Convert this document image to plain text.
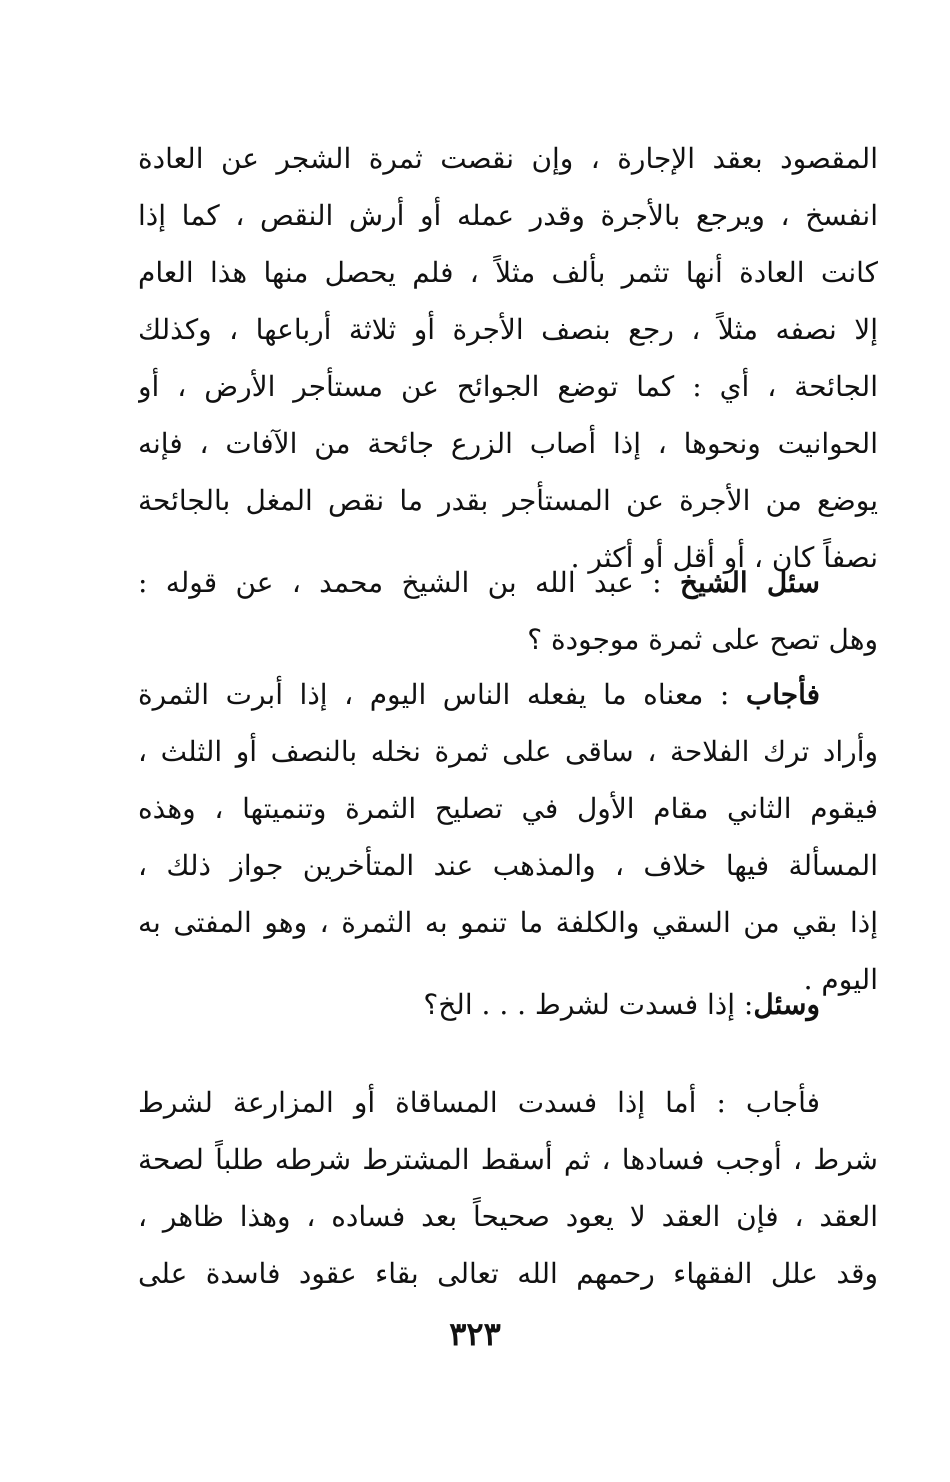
المقصود بعقد الإجارة ، وإن نقصت ثمرة الشجر عن العادة
انفسخ ، ويرجع بالأجرة وقدر عمله أو أرش النقص ، كما إذا
كانت العادة أنها تثمر بألف مثلاً ، فلم يحصل منها هذا العام
إلا نصفه مثلاً ، رجع بنصف الأجرة أو ثلاثة أرباعها ، وكذلك
الجائحة ، أي : كما توضع الجوائح عن مستأجر الأرض ، أو
الحوانيت ونحوها ، إذا أصاب الزرع جائحة من الآفات ، فإنه
يوضع من الأجرة عن المستأجر بقدر ما نقص المغل بالجائحة
نصفاً كان ، أو أقل أو أكثر .
سئل الشيخ : عبد الله بن الشيخ محمد ، عن قوله :
وهل تصح على ثمرة موجودة ؟
فأجاب : معناه ما يفعله الناس اليوم ، إذا أبرت الثمرة
وأراد ترك الفلاحة ، ساقى على ثمرة نخله بالنصف أو الثلث ،
فيقوم الثاني مقام الأول في تصليح الثمرة وتنميتها ، وهذه
المسألة فيها خلاف ، والمذهب عند المتأخرين جواز ذلك ،
إذا بقي من السقي والكلفة ما تنمو به الثمرة ، وهو المفتى به
اليوم .
وسئل: إذا فسدت لشرط . . . الخ؟
فأجاب : أما إذا فسدت المساقاة أو المزارعة لشرط
شرط ، أوجب فسادها ، ثم أسقط المشترط شرطه طلباً لصحة
العقد ، فإن العقد لا يعود صحيحاً بعد فساده ، وهذا ظاهر ،
وقد علل الفقهاء رحمهم الله تعالى بقاء عقود فاسدة على
٣٢٣
